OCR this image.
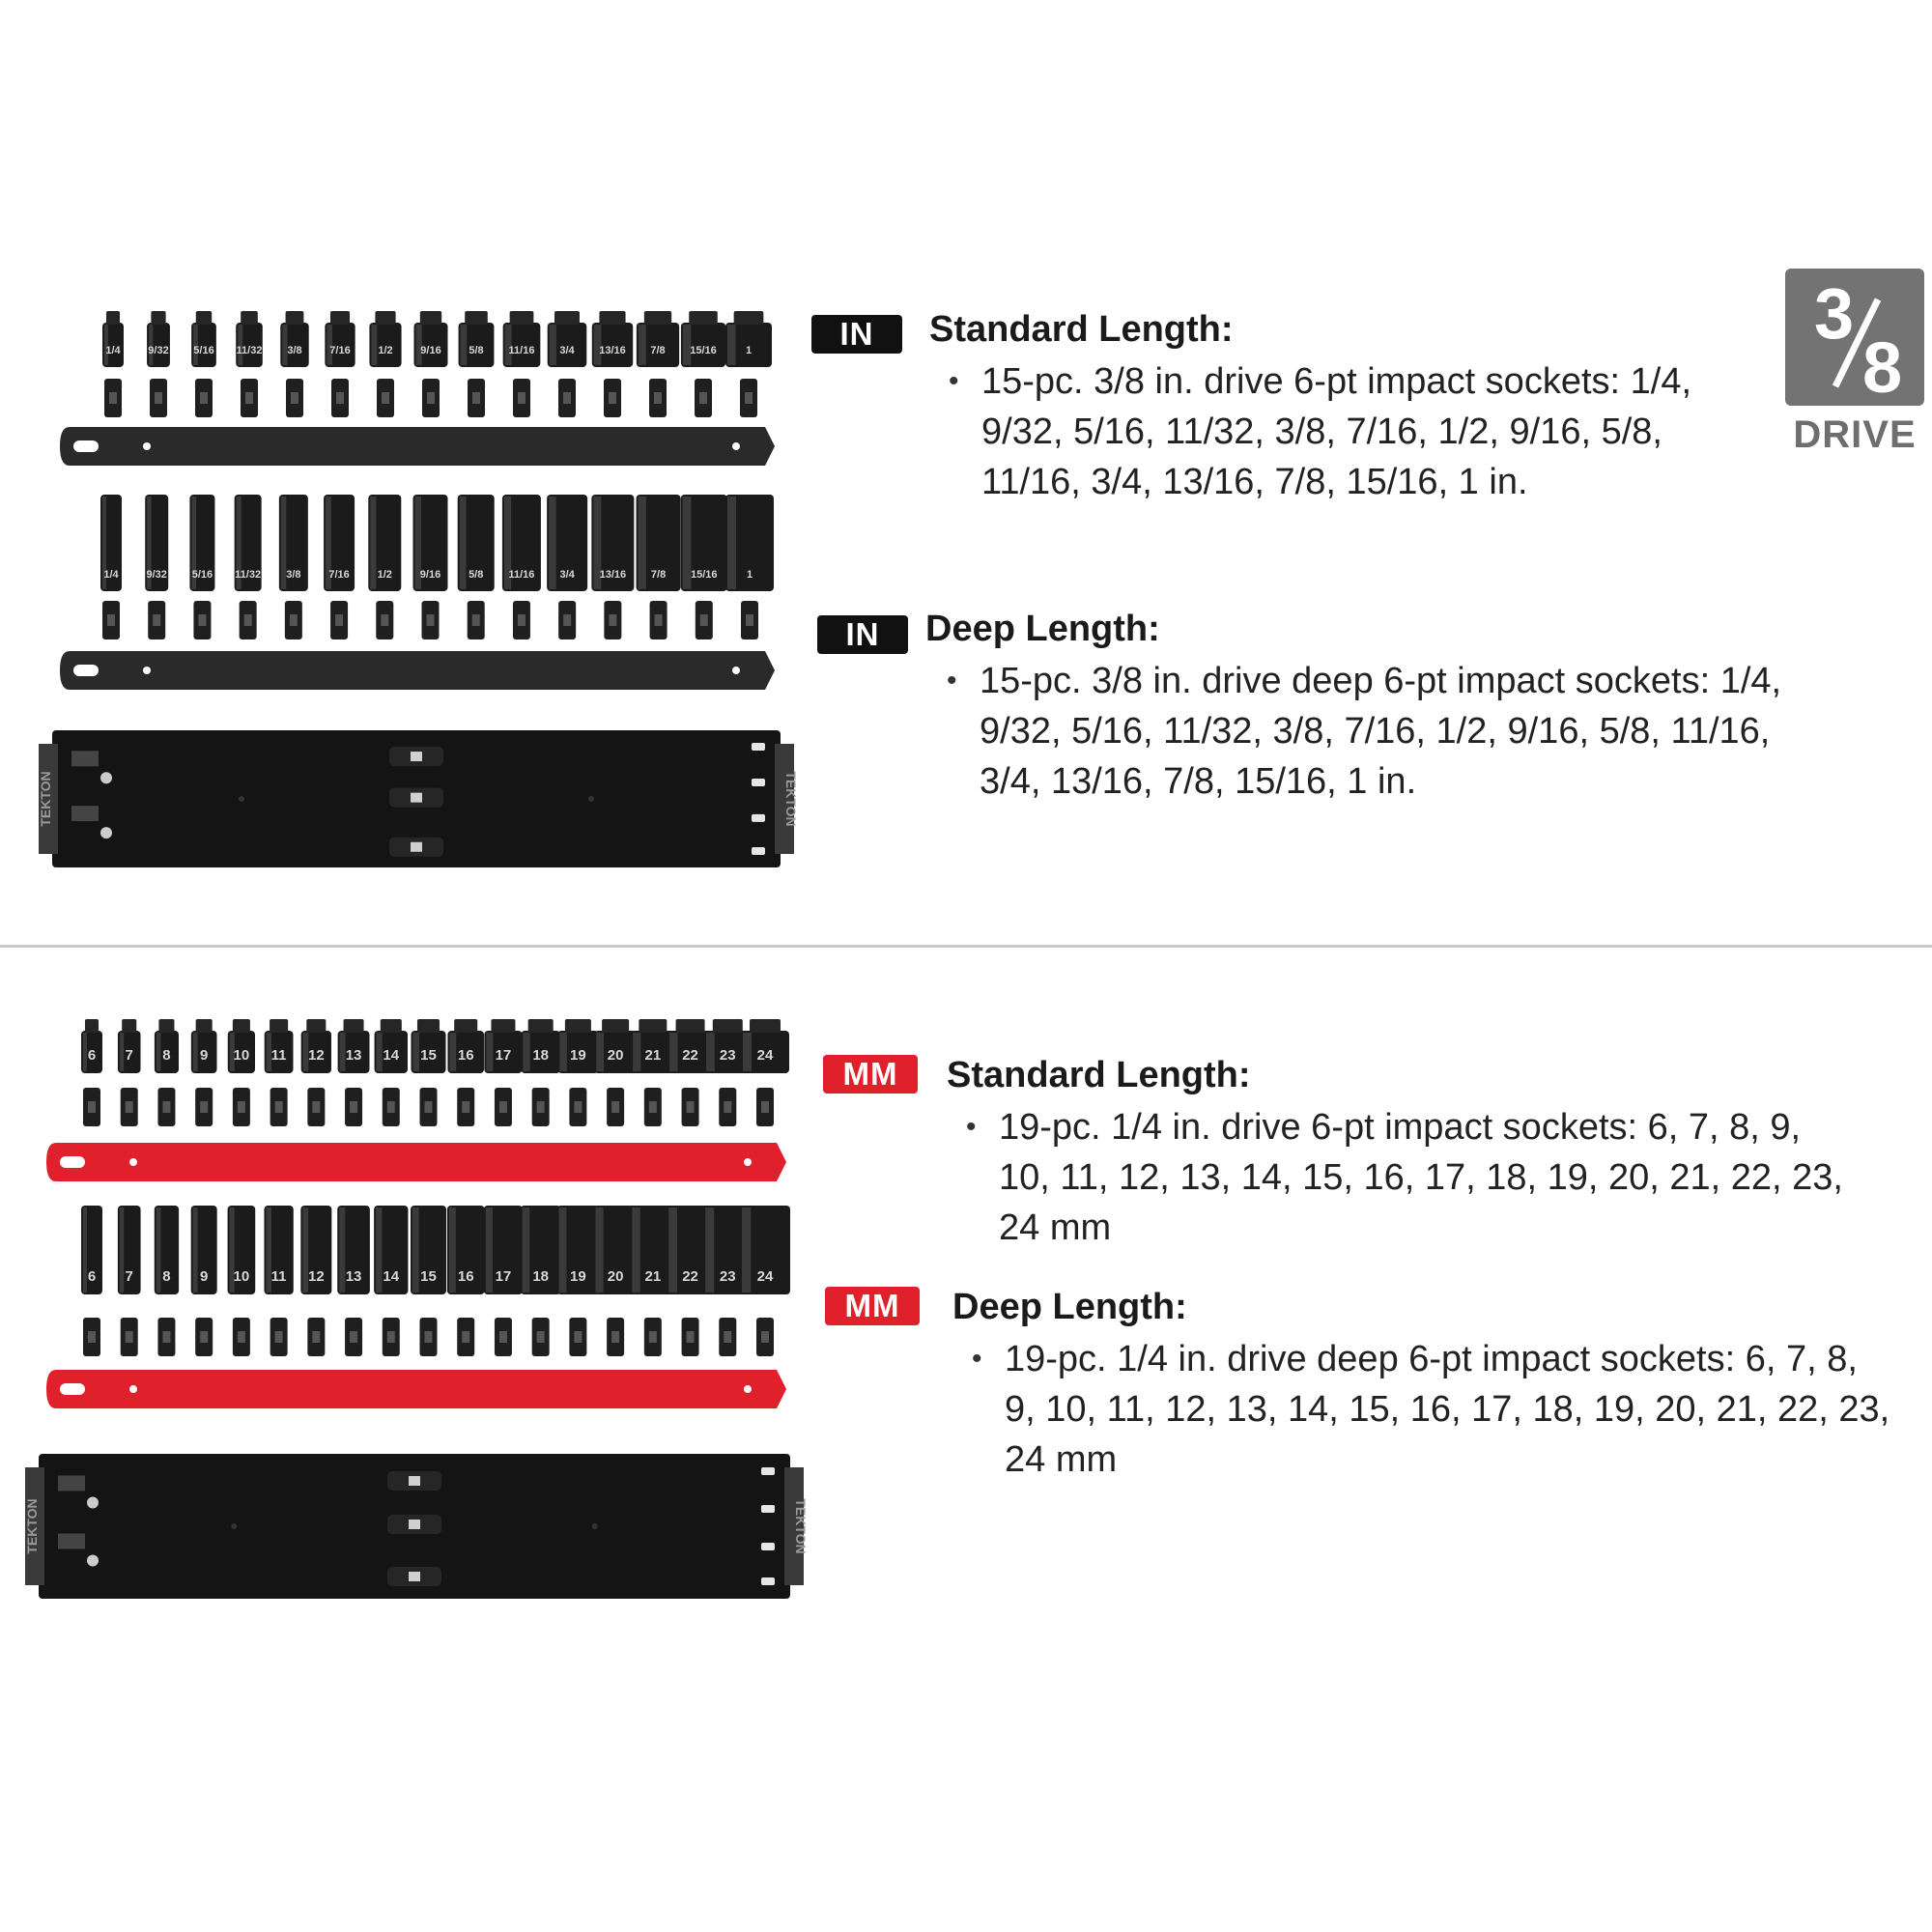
1/4	9/32 5/16 11/32 3/8	7/16	1/2	9/16	5/8 11/16 3/4 13/16 7/8 15/16	1
1/4	9/32 5/16 11/32 3/8	7/16	1/2	9/16	5/8 11/16 3/4 13/16 7/8 15/16	1
6 7 8 9 10 11 12 13 14 15 16 17 18 19 20 21 22 23 24
6 7 8 9 10 11 12 13 14 15 16 17 18 19 20 21 22 23 24
TEKTON	TEKTON
TEKTON	TEKTON
3
8
DRIVE
IN	Standard Length:
• 15-pc. 3/8 in. drive 6-pt impact sockets: 1/4,
9/32, 5/16, 11/32, 3/8, 7/16, 1/2, 9/16, 5/8,
11/16, 3/4, 13/16, 7/8, 15/16, 1 in.
IN	Deep Length:
• 15-pc. 3/8 in. drive deep 6-pt impact sockets: 1/4,
9/32, 5/16, 11/32, 3/8, 7/16, 1/2, 9/16, 5/8, 11/16,
3/4, 13/16, 7/8, 15/16, 1 in.
MM	Standard Length:
• 19-pc. 1/4 in. drive 6-pt impact sockets: 6, 7, 8, 9,
10, 11, 12, 13, 14, 15, 16, 17, 18, 19, 20, 21, 22, 23,
24 mm
MM	Deep Length:
• 19-pc. 1/4 in. drive deep 6-pt impact sockets: 6, 7, 8,
9, 10, 11, 12, 13, 14, 15, 16, 17, 18, 19, 20, 21, 22, 23,
24 mm
